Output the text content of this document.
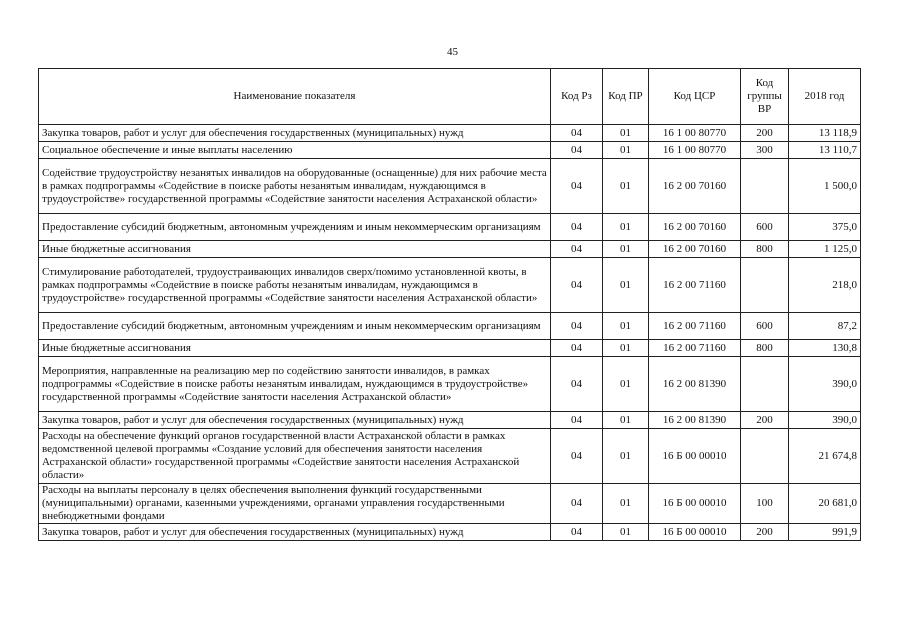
45
Наименование показателя	Код Рз	Код ПР	Код ЦСР	Код группы ВР	2018 год
Закупка товаров, работ и услуг для обеспечения государственных (муниципальных) нужд	04	01	16 1 00 80770	200	13 118,9
Социальное обеспечение и иные выплаты населению	04	01	16 1 00 80770	300	13 110,7
Содействие трудоустройству незанятых инвалидов на оборудованные (оснащенные) для них рабочие места в рамках подпрограммы «Содействие в поиске работы незанятым инвалидам, нуждающимся в трудоустройстве» государственной программы «Содействие занятости населения Астраханской области»	04	01	16 2 00 70160		1 500,0
Предоставление субсидий бюджетным, автономным учреждениям и иным некоммерческим организациям	04	01	16 2 00 70160	600	375,0
Иные бюджетные ассигнования	04	01	16 2 00 70160	800	1 125,0
Стимулирование работодателей, трудоустраивающих инвалидов сверх/помимо установленной квоты, в рамках подпрограммы «Содействие в поиске работы незанятым инвалидам, нуждающимся в трудоустройстве» государственной программы «Содействие занятости населения Астраханской области»	04	01	16 2 00 71160		218,0
Предоставление субсидий бюджетным, автономным учреждениям и иным некоммерческим организациям	04	01	16 2 00 71160	600	87,2
Иные бюджетные ассигнования	04	01	16 2 00 71160	800	130,8
Мероприятия, направленные на реализацию мер по содействию занятости инвалидов, в рамках подпрограммы «Содействие в поиске работы незанятым инвалидам, нуждающимся в трудоустройстве» государственной программы «Содействие занятости населения Астраханской области»	04	01	16 2 00 81390		390,0
Закупка товаров, работ и услуг для обеспечения государственных (муниципальных) нужд	04	01	16 2 00 81390	200	390,0
Расходы на обеспечение функций органов государственной власти Астраханской области в рамках ведомственной целевой программы «Создание условий для обеспечения занятости населения Астраханской области» государственной программы «Содействие занятости населения Астраханской области»	04	01	16 Б 00 00010		21 674,8
Расходы на выплаты персоналу в целях обеспечения выполнения функций государственными (муниципальными) органами, казенными учреждениями, органами управления государственными внебюджетными фондами	04	01	16 Б 00 00010	100	20 681,0
Закупка товаров, работ и услуг для обеспечения государственных (муниципальных) нужд	04	01	16 Б 00 00010	200	991,9
